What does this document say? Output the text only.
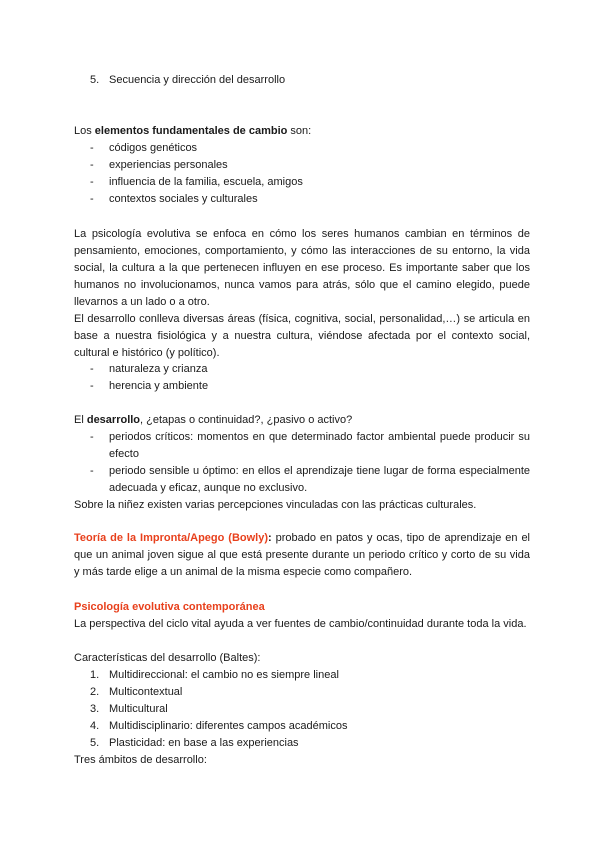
5. Secuencia y dirección del desarrollo
Los elementos fundamentales de cambio son:
- códigos genéticos
- experiencias personales
- influencia de la familia, escuela, amigos
- contextos sociales y culturales

La psicología evolutiva se enfoca en cómo los seres humanos cambian en términos de pensamiento, emociones, comportamiento, y cómo las interacciones de su entorno, la vida social, la cultura a la que pertenecen influyen en ese proceso. Es importante saber que los humanos no involucionamos, nunca vamos para atrás, sólo que el camino elegido, puede llevarnos a un lado o a otro.

El desarrollo conlleva diversas áreas (física, cognitiva, social, personalidad,…) se articula en base a nuestra fisiológica y a nuestra cultura, viéndose afectada por el contexto social, cultural e histórico (y político).

- naturaleza y crianza
- herencia y ambiente
El desarrollo, ¿etapas o continuidad?, ¿pasivo o activo?
- periodos críticos: momentos en que determinado factor ambiental puede producir su efecto
- periodo sensible u óptimo: en ellos el aprendizaje tiene lugar de forma especialmente adecuada y eficaz, aunque no exclusivo.
Sobre la niñez existen varias percepciones vinculadas con las prácticas culturales.

Teoría de la Impronta/Apego (Bowly): probado en patos y ocas, tipo de aprendizaje en el que un animal joven sigue al que está presente durante un periodo crítico y corto de su vida y más tarde elige a un animal de la misma especie como compañero.

Psicología evolutiva contemporánea

La perspectiva del ciclo vital ayuda a ver fuentes de cambio/continuidad durante toda la vida.

Características del desarrollo (Baltes):
1. Multidireccional: el cambio no es siempre lineal
2. Multicontextual
3. Multicultural
4. Multidisciplinario: diferentes campos académicos
5. Plasticidad: en base a las experiencias
Tres ámbitos de desarrollo:
